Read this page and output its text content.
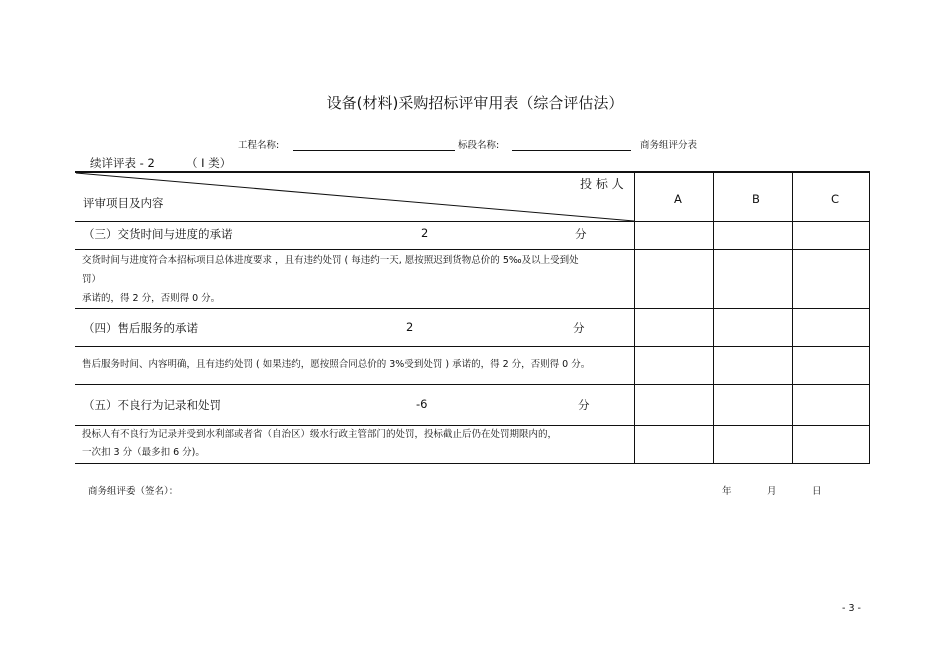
设备(材料)采购招标评审用表（综合评估法）
工程名称:	标段名称:	商务组评分表
续详评表 - 2	（ I 类）
投 标 人
评审项目及内容	A	B	C
（三）交货时间与进度的承诺	2	分
交货时间与进度符合本招标项目总体进度要求 ，且有违约处罚 ( 每违约一天, 愿按照迟到货物总价的 5‰及以上受到处
罚）
承诺的，得 2 分，否则得 0 分。
（四）售后服务的承诺	2	分
售后服务时间、内容明确，且有违约处罚 ( 如果违约，愿按照合同总价的 3%受到处罚 ) 承诺的，得 2 分，否则得 0 分。
（五）不良行为记录和处罚	-6	分
投标人有不良行为记录并受到水利部或者省（自治区）级水行政主管部门的处罚，投标截止后仍在处罚期限内的，
一次扣 3 分（最多扣 6 分)。
商务组评委（签名）：	年	月	日
- 3 -
